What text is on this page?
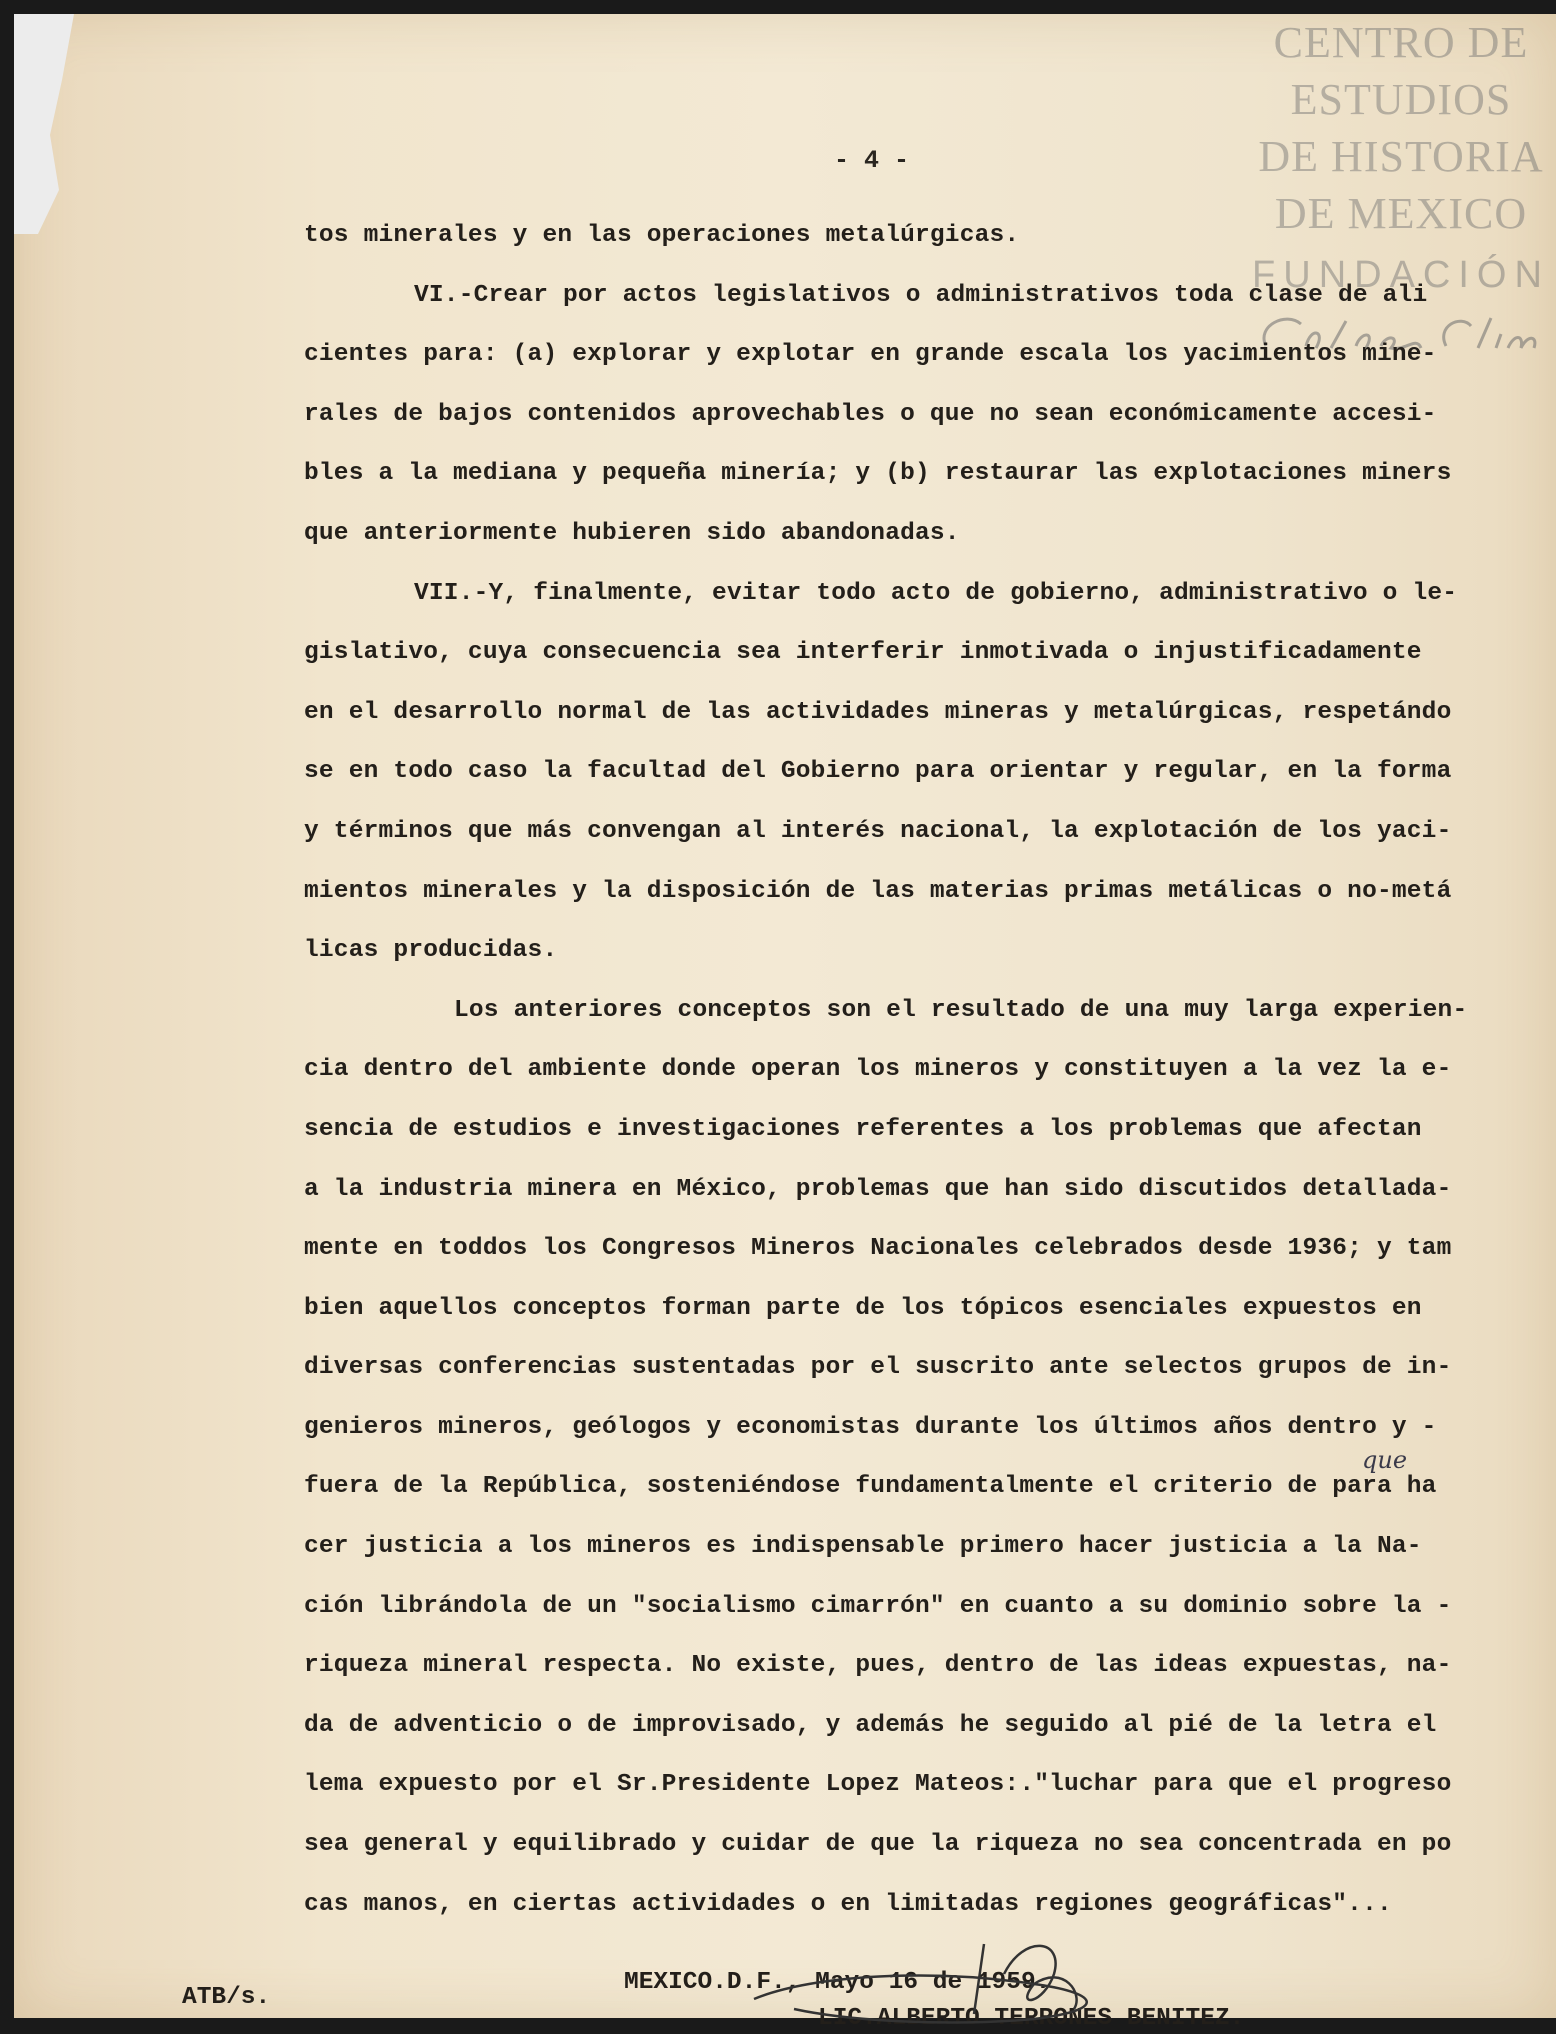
CENTRO DE
ESTUDIOS
DE HISTORIA
DE MEXICO
FUNDACIÓN
- 4 -
tos minerales y en las operaciones metalúrgicas.
VI.-Crear por actos legislativos o administrativos toda clase de ali
cientes para: (a) explorar y explotar en grande escala los yacimientos mine-
rales de bajos contenidos aprovechables o que no sean económicamente accesi-
bles a la mediana y pequeña minería; y (b) restaurar las explotaciones miners
que anteriormente hubieren sido abandonadas.
VII.-Y, finalmente, evitar todo acto de gobierno, administrativo o le-
gislativo, cuya consecuencia sea interferir inmotivada o injustificadamente
en el desarrollo normal de las actividades mineras y metalúrgicas, respetándo
se en todo caso la facultad del Gobierno para orientar y regular, en la forma
y términos que más convengan al interés nacional, la explotación de los yaci-
mientos minerales y la disposición de las materias primas metálicas o no-metá
licas producidas.
Los anteriores conceptos son el resultado de una muy larga experien-
cia dentro del ambiente donde operan los mineros y constituyen a la vez la e-
sencia de estudios e investigaciones referentes a los problemas que afectan
a la industria minera en México, problemas que han sido discutidos detallada-
mente en toddos los Congresos Mineros Nacionales celebrados desde 1936; y tam
bien aquellos conceptos forman parte de los tópicos esenciales expuestos en
diversas conferencias sustentadas por el suscrito ante selectos grupos de in-
genieros mineros, geólogos y economistas durante los últimos años dentro y -
fuera de la República, sosteniéndose fundamentalmente el criterio de para ha
cer justicia a los mineros es indispensable primero hacer justicia a la Na-
ción librándola de un "socialismo cimarrón" en cuanto a su dominio sobre la -
riqueza mineral respecta. No existe, pues, dentro de las ideas expuestas, na-
da de adventicio o de improvisado, y además he seguido al pié de la letra el
lema expuesto por el Sr.Presidente Lopez Mateos:."luchar para que el progreso
sea general y equilibrado y cuidar de que la riqueza no sea concentrada en po
cas manos, en ciertas actividades o en limitadas regiones geográficas"...
que
MEXICO.D.F., Mayo 16 de 1959.
LIC.ALBERTO TERRONES BENITEZ.
ATB/s.
